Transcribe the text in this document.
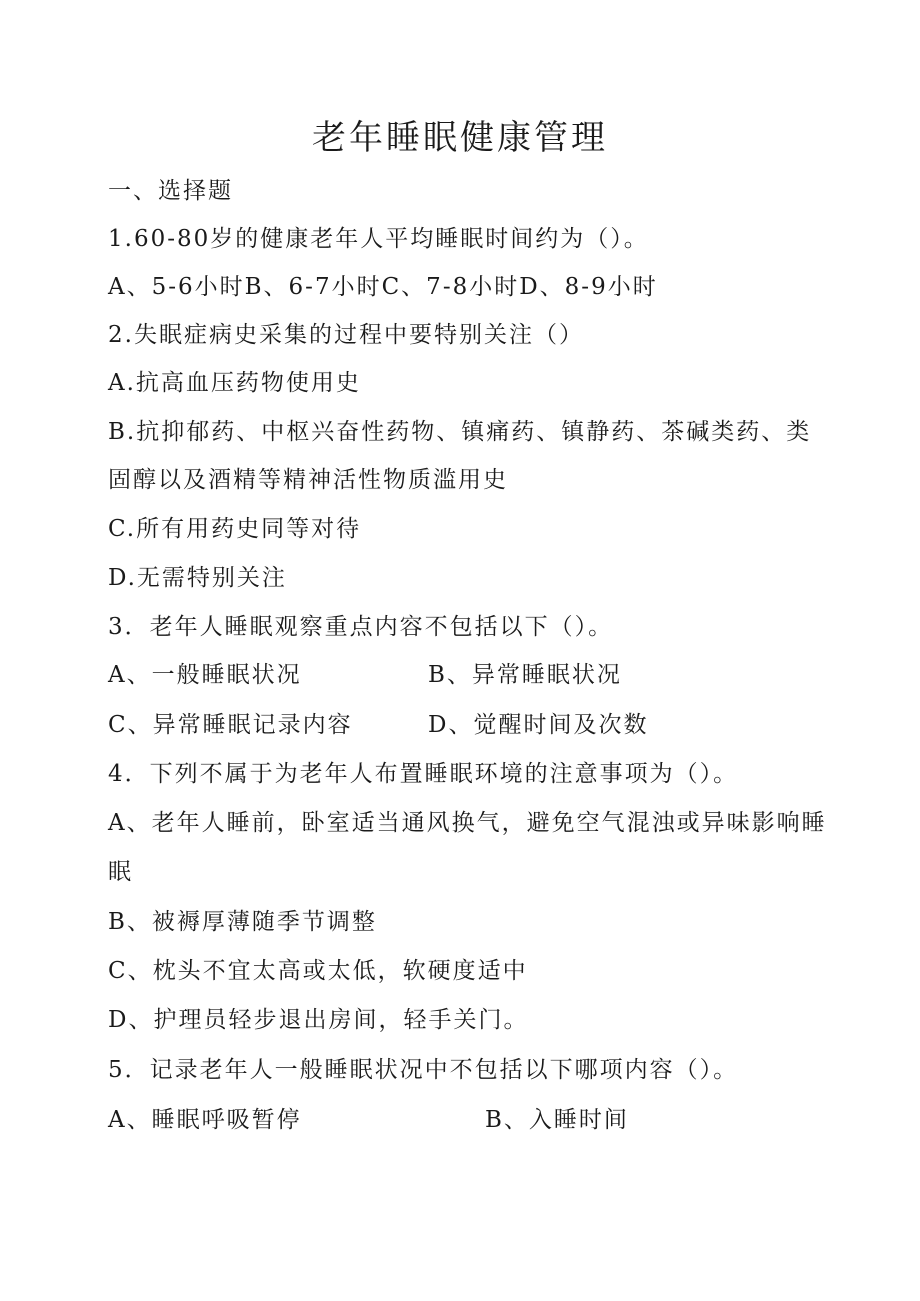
老年睡眠健康管理
一、选择题
1.60-80岁的健康老年人平均睡眠时间约为（）。
A、5-6小时B、6-7小时C、7-8小时D、8-9小时
2.失眠症病史采集的过程中要特别关注（）
A.抗高血压药物使用史
B.抗抑郁药、中枢兴奋性药物、镇痛药、镇静药、茶碱类药、类
固醇以及酒精等精神活性物质滥用史
C.所有用药史同等对待
D.无需特别关注
3．老年人睡眠观察重点内容不包括以下（）。
A、一般睡眠状况	B、异常睡眠状况
C、异常睡眠记录内容	D、觉醒时间及次数
4．下列不属于为老年人布置睡眠环境的注意事项为（）。
A、老年人睡前，卧室适当通风换气，避免空气混浊或异味影响睡
眠
B、被褥厚薄随季节调整
C、枕头不宜太高或太低，软硬度适中
D、护理员轻步退出房间，轻手关门。
5．记录老年人一般睡眠状况中不包括以下哪项内容（）。
A、睡眠呼吸暂停	B、入睡时间
